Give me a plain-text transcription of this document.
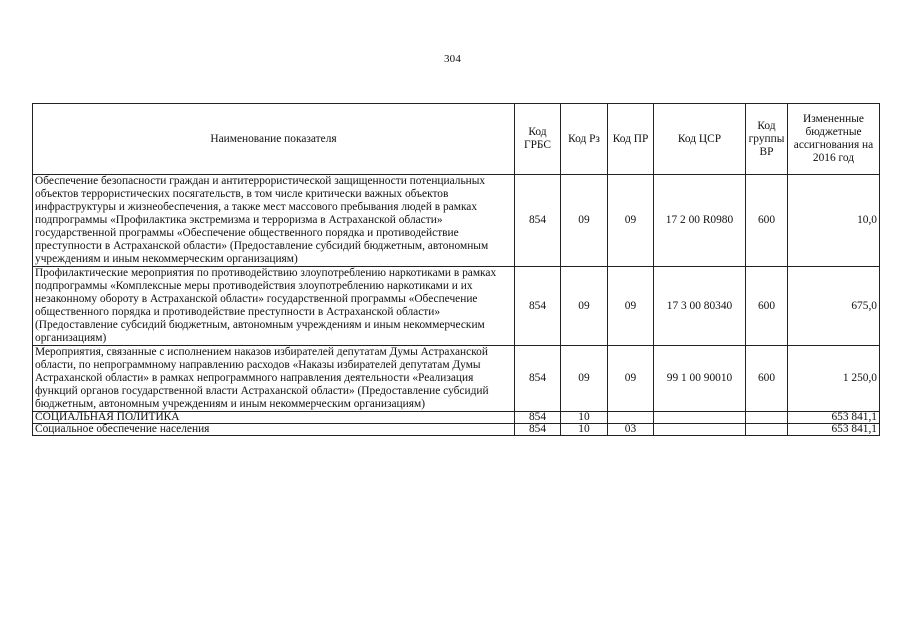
304
Наименование показателя	Код ГРБС	Код Рз	Код ПР	Код ЦСР	Код группы ВР	Измененные бюджетные ассигнования на 2016 год
Обеспечение безопасности граждан и антитеррористической защищенности потенциальных объектов террористических посягательств, в том числе критически важных объектов инфраструктуры и жизнеобеспечения, а также мест массового пребывания людей в рамках подпрограммы «Профилактика экстремизма и терроризма в Астраханской области» государственной программы «Обеспечение общественного порядка и противодействие преступности в Астраханской области» (Предоставление субсидий бюджетным, автономным учреждениям и иным некоммерческим организациям)	854	09	09	17 2 00 R0980	600	10,0
Профилактические мероприятия по противодействию злоупотреблению наркотиками в рамках подпрограммы «Комплексные меры противодействия злоупотреблению наркотиками и их незаконному обороту в Астраханской области» государственной программы «Обеспечение общественного порядка и противодействие преступности в Астраханской области» (Предоставление субсидий бюджетным, автономным учреждениям и иным некоммерческим организациям)	854	09	09	17 3 00 80340	600	675,0
Мероприятия, связанные с исполнением наказов избирателей депутатам Думы Астраханской области, по непрограммному направлению расходов «Наказы избирателей депутатам Думы Астраханской области» в рамках непрограммного направления деятельности «Реализация функций органов государственной власти Астраханской области» (Предоставление субсидий бюджетным, автономным учреждениям и иным некоммерческим организациям)	854	09	09	99 1 00 90010	600	1 250,0
СОЦИАЛЬНАЯ ПОЛИТИКА	854	10				653 841,1
Социальное обеспечение населения	854	10	03			653 841,1
